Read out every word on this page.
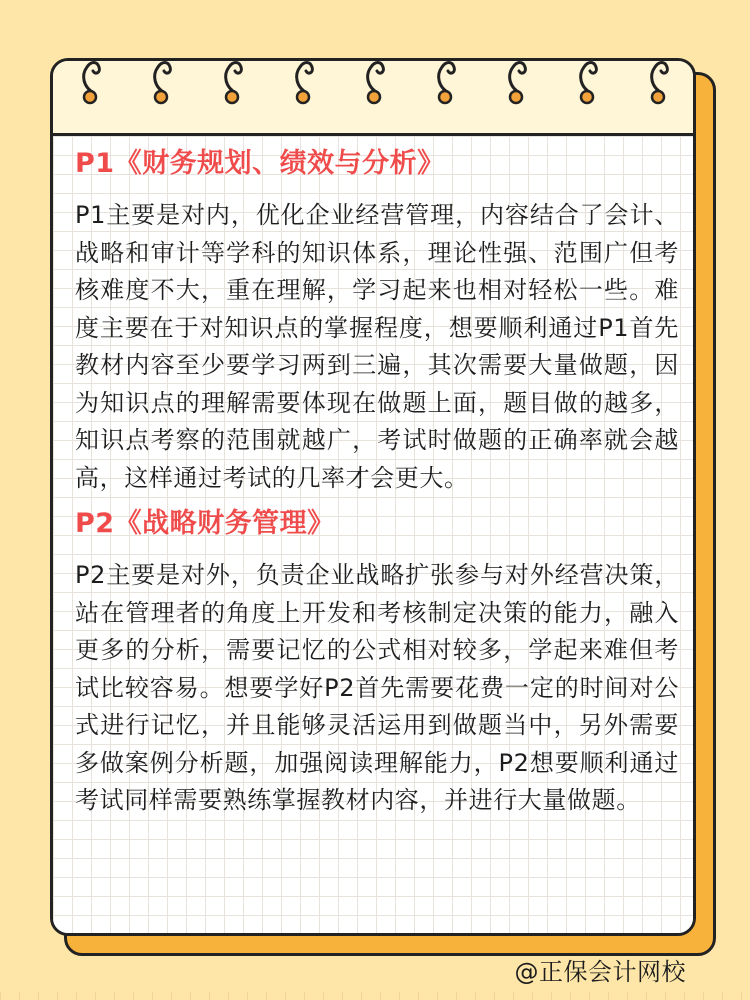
P1《财务规划、绩效与分析》

P1主要是对内，优化企业经营管理，内容结合了会计、战略和审计等学科的知识体系，理论性强、范围广但考核难度不大，重在理解，学习起来也相对轻松一些。难度主要在于对知识点的掌握程度，想要顺利通过P1首先教材内容至少要学习两到三遍，其次需要大量做题，因为知识点的理解需要体现在做题上面，题目做的越多，知识点考察的范围就越广，考试时做题的正确率就会越高，这样通过考试的几率才会更大。

P2《战略财务管理》

P2主要是对外，负责企业战略扩张参与对外经营决策，站在管理者的角度上开发和考核制定决策的能力，融入更多的分析，需要记忆的公式相对较多，学起来难但考试比较容易。想要学好P2首先需要花费一定的时间对公式进行记忆，并且能够灵活运用到做题当中，另外需要多做案例分析题，加强阅读理解能力，P2想要顺利通过考试同样需要熟练掌握教材内容，并进行大量做题。

@正保会计网校
